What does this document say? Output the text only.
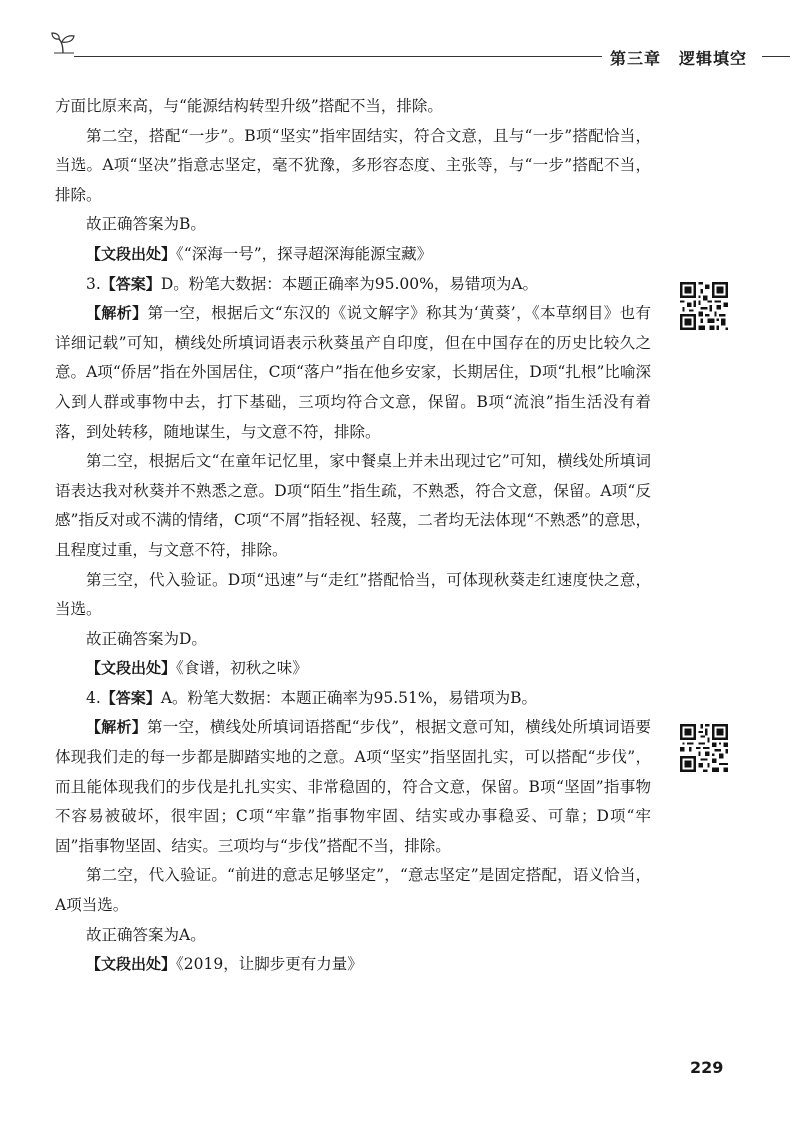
第三章 逻辑填空

方面比原来高，与“能源结构转型升级”搭配不当，排除。

第二空，搭配“一步”。B项“坚实”指牢固结实，符合文意，且与“一步”搭配恰当，当选。A项“坚决”指意志坚定，毫不犹豫，多形容态度、主张等，与“一步”搭配不当，排除。

故正确答案为B。

【文段出处】《“深海一号”，探寻超深海能源宝藏》

3.【答案】D。粉笔大数据：本题正确率为95.00%，易错项为A。

【解析】第一空，根据后文“东汉的《说文解字》称其为‘黄葵’，《本草纲目》也有详细记载”可知，横线处所填词语表示秋葵虽产自印度，但在中国存在的历史比较久之意。A项“侨居”指在外国居住，C项“落户”指在他乡安家，长期居住，D项“扎根”比喻深入到人群或事物中去，打下基础，三项均符合文意，保留。B项“流浪”指生活没有着落，到处转移，随地谋生，与文意不符，排除。

第二空，根据后文“在童年记忆里，家中餐桌上并未出现过它”可知，横线处所填词语表达我对秋葵并不熟悉之意。D项“陌生”指生疏，不熟悉，符合文意，保留。A项“反感”指反对或不满的情绪，C项“不屑”指轻视、轻蔑，二者均无法体现“不熟悉”的意思，且程度过重，与文意不符，排除。

第三空，代入验证。D项“迅速”与“走红”搭配恰当，可体现秋葵走红速度快之意，当选。

故正确答案为D。

【文段出处】《食谱，初秋之味》

4.【答案】A。粉笔大数据：本题正确率为95.51%，易错项为B。

【解析】第一空，横线处所填词语搭配“步伐”，根据文意可知，横线处所填词语要体现我们走的每一步都是脚踏实地的之意。A项“坚实”指坚固扎实，可以搭配“步伐”，而且能体现我们的步伐是扎扎实实、非常稳固的，符合文意，保留。B项“坚固”指事物不容易被破坏，很牢固；C项“牢靠”指事物牢固、结实或办事稳妥、可靠；D项“牢固”指事物坚固、结实。三项均与“步伐”搭配不当，排除。

第二空，代入验证。“前进的意志足够坚定”，“意志坚定”是固定搭配，语义恰当，A项当选。

故正确答案为A。

【文段出处】《2019，让脚步更有力量》

229
